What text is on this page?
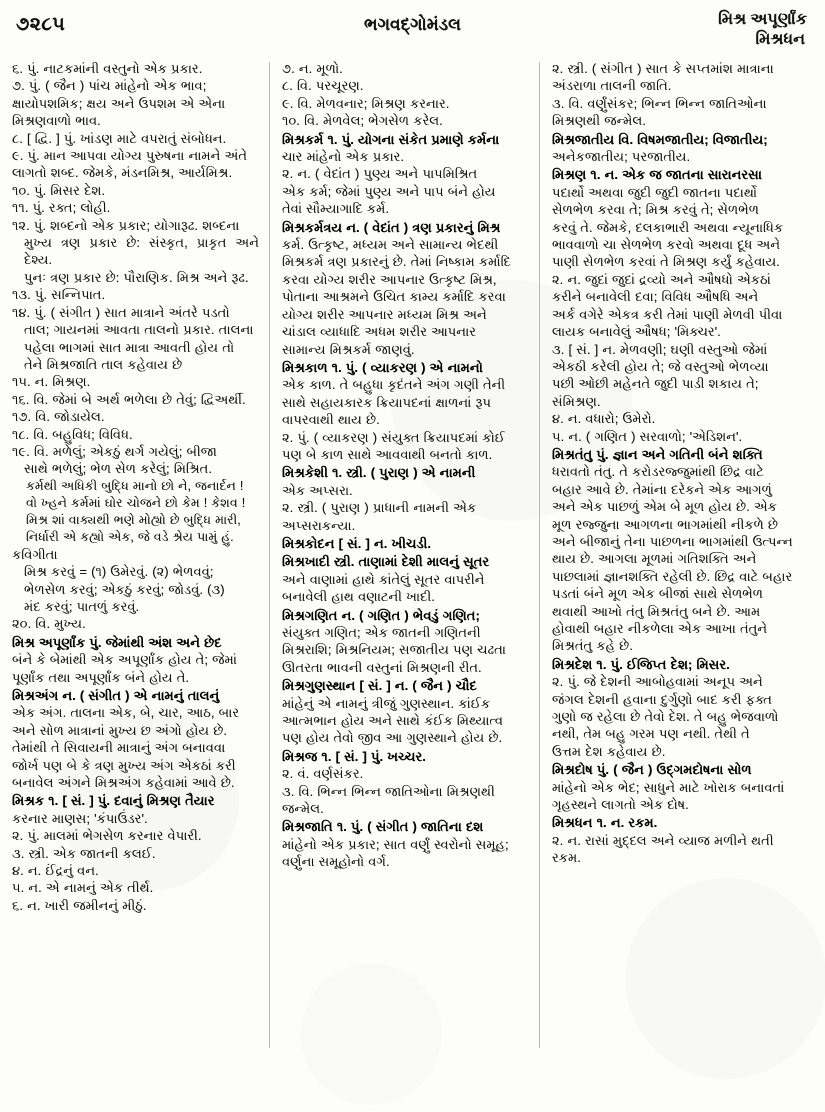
૭૨૮૫	ભગવદ્ગોમંડલ	મિશ્ર અપૂર્ણાંક
મિશ્રધન
૬. પું. નાટકમાંની વસ્તુનો એક પ્રકાર.
૭. પું. ( જૈન ) પાંચ માંહેનો એક ભાવ;
ક્ષાયોપશમિક; ક્ષય અને ઉપશમ એ એના
મિશ્રણવાળો ભાવ.
૮. [ દ્વિ. ] પું. ખાંડણ માટે વપરાતું સંબોધન.
૯. પું. માન આપવા યોગ્ય પુરુષના નામને અંતે
લાગતો શબ્દ. જેમકે, મંડનમિશ્ર, આર્યમિશ્ર.
૧૦. પું. મિસર દેશ.
૧૧. પું. રક્ત; લોહી.
૧૨. પું. શબ્દનો એક પ્રકાર; યોગારૂઢ. શબ્દના
મુખ્ય ત્રણ પ્રકાર છે: સંસ્કૃત, પ્રાકૃત અને દેશ્ય.
પુનઃ ત્રણ પ્રકાર છે: પૌરાણિક. મિશ્ર અને રૂઢ.
૧૩. પું. સન્નિપાત.
૧૪. પું. ( સંગીત ) સાત માત્રાને અંતરે પડતો
તાલ; ગાયનમાં આવતા તાલનો પ્રકાર. તાલના
પહેલા ભાગમાં સાત માત્રા આવતી હોય તો
તેને મિશ્રજાતિ તાલ કહેવાય છે
૧૫. ન. મિશ્રણ.
૧૬. વિ. જેમાં બે અર્થ ભળેલા છે તેવું; દ્વિઅર્થી.
૧૭. વિ. જોડાયેલ.
૧૮. વિ. બહુવિધ; વિવિધ.
૧૯. વિ. મળેલું; એકઠું થર્ગ ગયેલું; બીજા
સાથે ભળેલું; ભેળ સેળ કરેલું; મિશ્રિત.
કર્મથી અધિકી બુદ્ધિ માનો છો ને, જનાર્દન !
વો ખ્હને કર્મમાં ઘોર ચોજને છો કેમ ! કેશવ !
મિશ્ર શાં વાક્યથી ભણે મોહ્યો છે બુદ્ધિ મારી,
નિર્ધારી એ કહ્યો એક, જે વડે શ્રેય પામું હું.
કવિગીતા
મિશ્ર કરવું = (૧) ઉમેરવું. (૨) ભેળવવું;
ભેળસેળ કરવું; એકઠું કરવું; જોડવું. (૩)
મંદ કરવું; પાતળું કરવું.
૨૦. વિ. મુખ્ય.
મિશ્ર અપૂર્ણાંક પું. જેમાંથી અંશ અને છેદ
બંને કે બેમાંથી એક અપૂર્ણાંક હોય તે; જેમાં
પૂર્ણાંક તથા અપૂર્ણાંક બંને હોય તે.
મિશ્રઅંગ ન. ( સંગીત ) એ નામનું તાલનું
એક અંગ. તાલના એક, બે, ચાર, આઠ, બાર
અને સોળ માત્રાનાં મુખ્ય છ અંગો હોય છે.
તેમાંથી તે સિવાયની માત્રાનું અંગ બનાવવા
જોર્ખ પણ બે કે ત્રણ મુખ્ય અંગ એકઠાં કરી
બનાવેલ અંગને મિશ્રઅંગ કહેવામાં આવે છે.
મિશ્રક ૧. [ સં. ] પું. દવાનું મિશ્રણ તૈયાર
કરનાર માણસ; 'કંપાઉંડર'.
૨. પું. માલમાં ભેગસેળ કરનાર વેપારી.
૩. સ્ત્રી. એક જાતની કલઈ.
૪. ન. ઈંદ્રનું વન.
૫. ન. એ નામનું એક તીર્થ.
૬. ન. ખારી જમીનનું મીઠું.
૭. ન. મૂળો.
૮. વિ. પરચૂરણ.
૯. વિ. મેળવનાર; મિશ્રણ કરનાર.
૧૦. વિ. મેળવેલ; ભેગસેળ કરેલ.
મિશ્રકર્મ ૧. પું. યોગના સંકેત પ્રમાણે કર્મના
ચાર માંહેનો એક પ્રકાર.
૨. ન. ( વેદાંત ) પુણ્ય અને પાપમિશ્રિત
એક કર્મ; જેમાં પુણ્ય અને પાપ બંને હોય
તેવાં સૌમ્યાગાદિ કર્મ.
મિશ્રકર્મત્રય ન. ( વેદાંત ) ત્રણ પ્રકારનું મિશ્ર
કર્મ. ઉત્કૃષ્ટ, મધ્યમ અને સામાન્ય ભેદથી
મિશ્રકર્મ ત્રણ પ્રકારનું છે. તેમાં નિષ્કામ કર્માદિ
કરવા યોગ્ય શરીર આપનાર ઉત્કૃષ્ટ મિશ્ર,
પોતાના આશ્રમને ઉચિત કામ્ય કર્માદિ કરવા
યોગ્ય શરીર આપનાર મધ્યમ મિશ્ર અને
ચાંડાલ વ્યાધાદિ અધમ શરીર આપનાર
સામાન્ય મિશ્રકર્મ જાણવું.
મિશ્રકાળ ૧. પું. ( વ્યાકરણ ) એ નામનો
એક કાળ. તે બહુધા કૃદંતને અંગ ગણી તેની
સાથે સહાયકારક ક્રિયાપદનાં ક્ષાળનાં રૂપ
વાપરવાથી થાય છે.
૨. પું. ( વ્યાકરણ ) સંયુક્ત ક્રિયાપદમાં કોઈ
પણ બે કાળ સાથે આવવાથી બનતો કાળ.
મિશ્રકેશી ૧. સ્ત્રી. ( પુરાણ ) એ નામની
એક અપ્સરા.
૨. સ્ત્રી. ( પુરાણ ) પ્રાધાની નામની એક
અપ્સરાકન્યા.
મિશ્રકોદન [ સં. ] ન. ખીચડી.
મિશ્રખાદી સ્ત્રી. તાણામાં દેશી માલનું સૂતર
અને વાણામાં હાથે કાંતેલું સૂતર વાપરીને
બનાવેલી હાથ વણાટની ખાદી.
મિશ્રગણિત ન. ( ગણિત ) ભેવડું ગણિત;
સંયુક્ત ગણિત; એક જાતની ગણિતની
મિશ્રરાશિ; મિશ્રનિયમ; સજાતીય પણ ચઢતા
ઊતરતા ભાવની વસ્તુનાં મિશ્રણની રીત.
મિશ્રગુણસ્થાન [ સં. ] ન. ( જૈન ) ચૌદ
માંહેનું એ નામનું ત્રીજું ગુણસ્થાન. કાંઈક
આત્મભાન હોય અને સાથે કંઈક મિથ્યાત્વ
પણ હોય તેવો જીવ આ ગુણસ્થાને હોય છે.
મિશ્રજ ૧. [ સં. ] પું. ખચ્ચર.
૨. વં. વર્ણસંકર.
૩. વિ. ભિન્ન ભિન્ન જાતિઓના મિશ્રણથી
જન્મેલ.
મિશ્રજાતિ ૧. પું. ( સંગીત ) જાતિના દશ
માંહેનો એક પ્રકાર; સાત વર્ણું સ્વરોનો સમૂહ;
વર્ણુના સમૂહોનો વર્ગ.
૨. સ્ત્રી. ( સંગીત ) સાત કે સપ્તમાંશ માત્રાના
અંડરાળા તાલની જાતિ.
૩. વિ. વર્ણુંસંકર; ભિન્ન ભિન્ન જાતિઓના
મિશ્રણથી જન્મેલ.
મિશ્રજાતીય વિ. વિષમજાતીય; વિજાતીય;
અનેકજાતીય; પરજાતીય.
મિશ્રણ ૧. ન. એક જ જાતના સારાનરસા
પદાર્થો અથવા જુદી જુદી જાતના પદાર્થો
સેળભેળ કરવા તે; મિશ્ર કરવું તે; સેળભેળ
કરવું તે. જેમકે, દલકાભારી અથવા ન્યૂનાધિક
ભાવવાળો ચા સેળભેળ કરવો અથવા દૂધ અને
પાણી સેળભેળ કરવાં તે મિશ્રણ કર્યું કહેવાય.
૨. ન. જુદાં જુદાં દ્રવ્યો અને ઔષધો એકઠાં
કરીને બનાવેલી દવા; વિવિધ ઔષધિ અને
અર્ક વગેરે એકત્ર કરી તેમાં પાણી મેળવી પીવા
લાયક બનાવેલું ઔષધ; 'મિક્ચર'.
૩. [ સં. ] ન. મેળવણી; ઘણી વસ્તુઓ જેમાં
એકઠી કરેલી હોય તે; જે વસ્તુઓ ભેળવ્યા
પછી ઓછી મહેનતે જુદી પાડી શકાય તે;
સંમિશ્રણ.
૪. ન. વધારો; ઉમેરો.
૫. ન. ( ગણિત ) સરવાળો; 'એડિશન'.
મિશ્રતંતુ પું. જ્ઞાન અને ગતિની બંને શક્તિ
ધરાવતો તંતુ. તે કરોડરજ્જુમાંથી છિદ્ર વાટે
બહાર આવે છે. તેમાંના દરેકને એક આગળું
અને એક પાછળું એમ બે મૂળ હોય છે. એક
મૂળ રજ્જુના આગળના ભાગમાંથી નીકળે છે
અને બીજાનું તેના પાછળના ભાગમાંથી ઉત્પન્ન
થાય છે. આગલા મૂળમાં ગતિશક્તિ અને
પાછલામાં જ્ઞાનશક્તિ રહેલી છે. છિદ્ર વાટે બહાર
પડતાં બંને મૂળ એક બીજાં સાથે સેળભેળ
થવાથી આખો તંતુ મિશ્રતંતુ બને છે. આમ
હોવાથી બહાર નીકળેલા એક આખા તંતુને
મિશ્રતંતુ કહે છે.
મિશ્રદેશ ૧. પું. ઈજિપ્ત દેશ; મિસર.
૨. પું. જે દેશની આબોહવામાં અનૂપ અને
જંગલ દેશની હવાના દુર્ગુણો બાદ કરી ફક્ત
ગુણો જ રહેલા છે તેવો દેશ. તે બહુ ભેજવાળો
નથી, તેમ બહુ ગરમ પણ નથી. તેથી તે
ઉત્તમ દેશ કહેવાય છે.
મિશ્રદોષ પું. ( જૈન ) ઉદ્ગમદોષના સોળ
માંહેનો એક ભેદ; સાધુને માટે ખોરાક બનાવતાં
ગૃહસ્થને લાગતો એક દોષ.
મિશ્રધન ૧. ન. રકમ.
૨. ન. રાસાં મુદ્દલ અને વ્યાજ મળીને થતી
રકમ.
